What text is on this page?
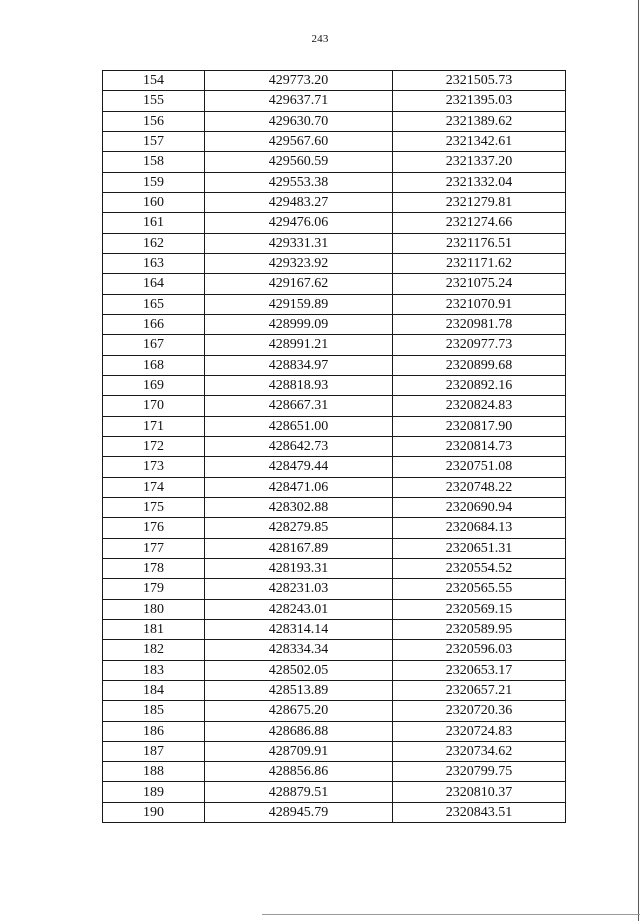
243
154	429773.20	2321505.73
155	429637.71	2321395.03
156	429630.70	2321389.62
157	429567.60	2321342.61
158	429560.59	2321337.20
159	429553.38	2321332.04
160	429483.27	2321279.81
161	429476.06	2321274.66
162	429331.31	2321176.51
163	429323.92	2321171.62
164	429167.62	2321075.24
165	429159.89	2321070.91
166	428999.09	2320981.78
167	428991.21	2320977.73
168	428834.97	2320899.68
169	428818.93	2320892.16
170	428667.31	2320824.83
171	428651.00	2320817.90
172	428642.73	2320814.73
173	428479.44	2320751.08
174	428471.06	2320748.22
175	428302.88	2320690.94
176	428279.85	2320684.13
177	428167.89	2320651.31
178	428193.31	2320554.52
179	428231.03	2320565.55
180	428243.01	2320569.15
181	428314.14	2320589.95
182	428334.34	2320596.03
183	428502.05	2320653.17
184	428513.89	2320657.21
185	428675.20	2320720.36
186	428686.88	2320724.83
187	428709.91	2320734.62
188	428856.86	2320799.75
189	428879.51	2320810.37
190	428945.79	2320843.51
